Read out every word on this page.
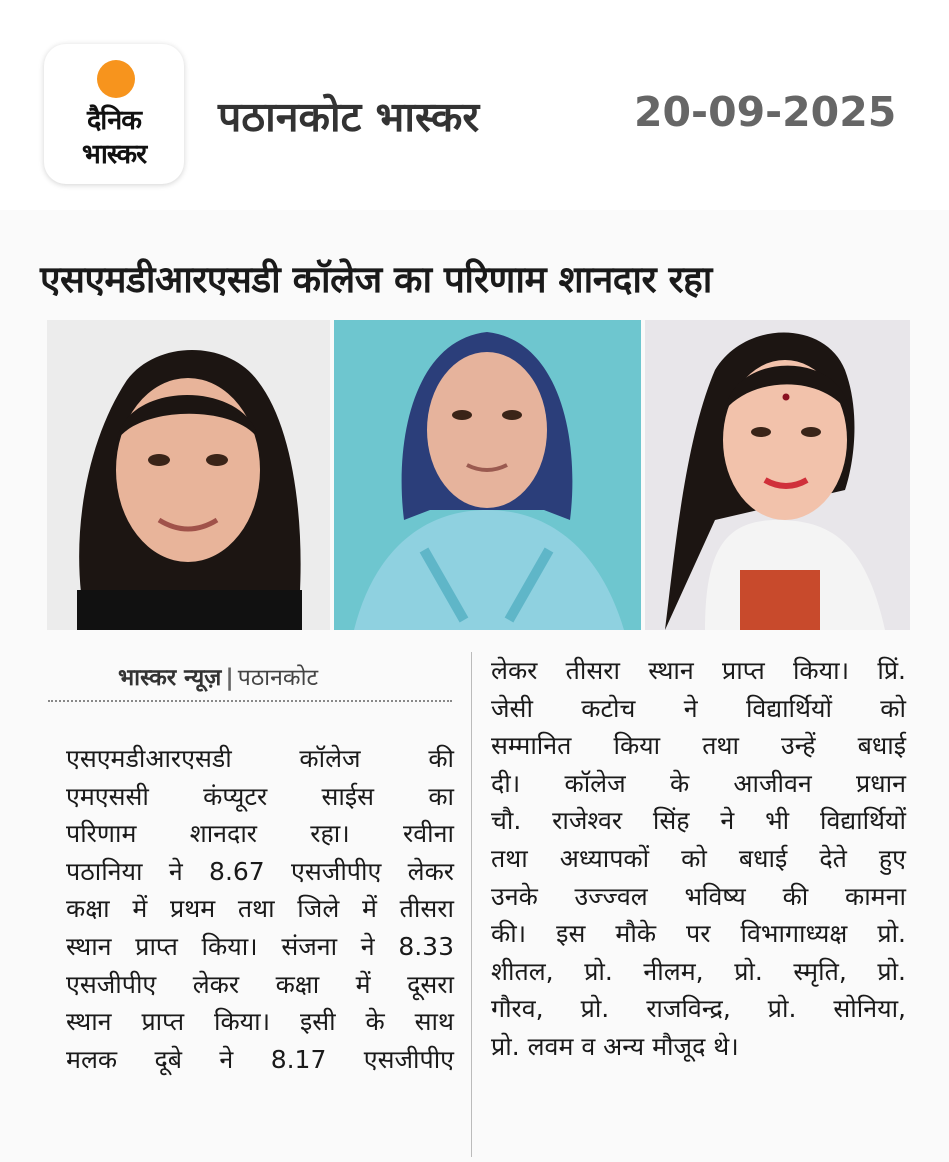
दैनिक
भास्कर
पठानकोट भास्कर	20-09-2025
एसएमडीआरएसडी कॉलेज का परिणाम शानदार रहा
भास्कर न्यूज़ | पठानकोट
एसएमडीआरएसडी कॉलेज की
एमएससी कंप्यूटर साईस का
परिणाम शानदार रहा। रवीना
पठानिया ने 8.67 एसजीपीए लेकर
कक्षा में प्रथम तथा जिले में तीसरा
स्थान प्राप्त किया। संजना ने 8.33
एसजीपीए लेकर कक्षा में दूसरा
स्थान प्राप्त किया। इसी के साथ
मलक दूबे ने 8.17 एसजीपीए
लेकर तीसरा स्थान प्राप्त किया। प्रिं.
जेसी कटोच ने विद्यार्थियों को
सम्मानित किया तथा उन्हें बधाई
दी। कॉलेज के आजीवन प्रधान
चौ. राजेश्वर सिंह ने भी विद्यार्थियों
तथा अध्यापकों को बधाई देते हुए
उनके उज्ज्वल भविष्य की कामना
की। इस मौके पर विभागाध्यक्ष प्रो.
शीतल, प्रो. नीलम, प्रो. स्मृति, प्रो.
गौरव, प्रो. राजविन्द्र, प्रो. सोनिया,
प्रो. लवम व अन्य मौजूद थे।
